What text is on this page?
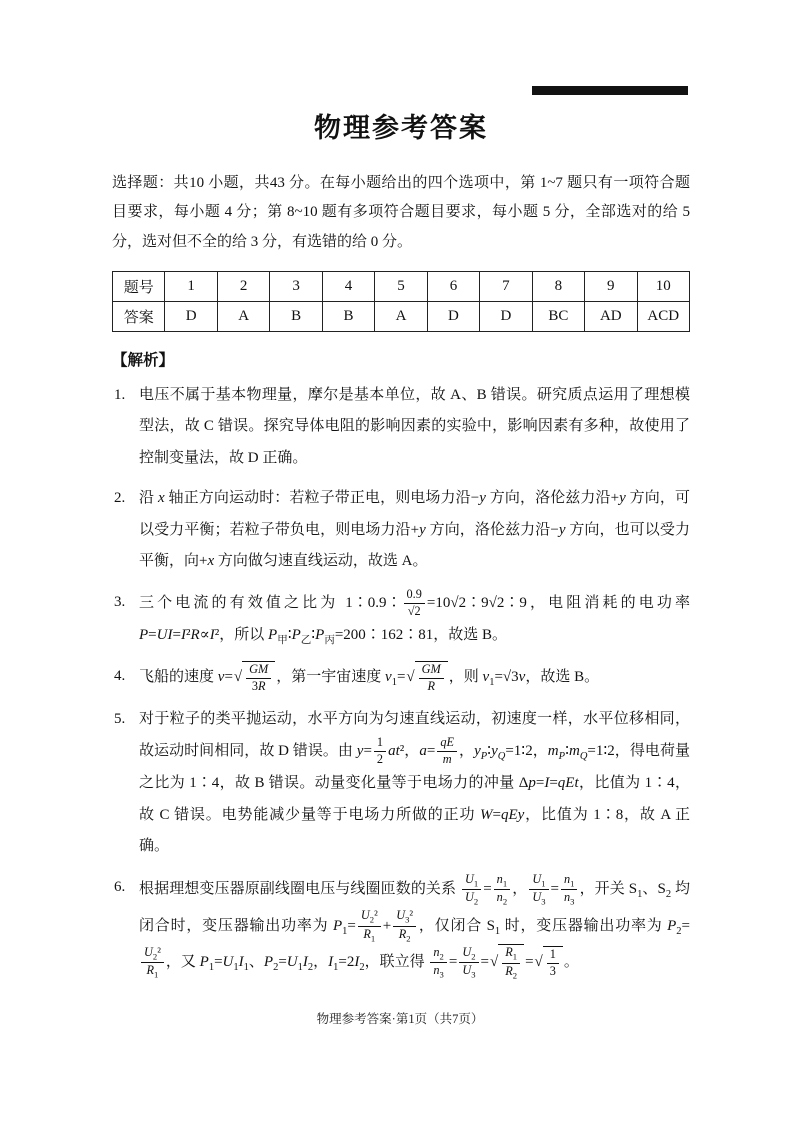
物理参考答案

选择题：共10 小题，共43 分。在每小题给出的四个选项中，第 1~7 题只有一项符合题目要求，每小题 4 分；第 8~10 题有多项符合题目要求，每小题 5 分，全部选对的给 5 分，选对但不全的给 3 分，有选错的给 0 分。

题号	1	2	3	4	5	6	7	8	9	10
答案	D	A	B	B	A	D	D	BC	AD	ACD
【解析】
1. 电压不属于基本物理量，摩尔是基本单位，故 A、B 错误。研究质点运用了理想模型法，故 C 错误。探究导体电阻的影响因素的实验中，影响因素有多种，故使用了控制变量法，故 D 正确。
2. 沿 x 轴正方向运动时：若粒子带正电，则电场力沿−y 方向，洛伦兹力沿+y 方向，可以受力平衡；若粒子带负电，则电场力沿+y 方向，洛伦兹力沿−y 方向，也可以受力平衡，向+x 方向做匀速直线运动，故选 A。
3. 三个电流的有效值之比为 1∶0.9∶ $\frac{0.9}{√2}$ =10√2∶9√2∶9，电阻消耗的电功率 P=UI=I²R∝I²，所以 $P_甲∶P_乙∶P_丙=200∶162∶81$，故选 B。
4. 飞船的速度 v=√
GM
3R
，第一宇宙速度 $v_1=√$
GM
R
，则 $v_1=√3v$，故选 B。
5. 对于粒子的类平抛运动，水平方向为匀速直线运动，初速度一样，水平位移相同，故运动时间相同，故 D 错误。由 $y= \frac{1}{2} at^2$，$a= \frac{qE}{m}$ ，$y_P∶y_Q=1∶2$，$m_P∶m_Q=1∶2$，得电荷量之比为 1∶4，故 B 错误。动量变化量等于电场力的冲量 Δp=I=qEt，比值为 1∶4，故 C 错误。电势能减少量等于电场力所做的正功 W=qEy，比值为 1∶8，故 A 正确。
6. 根据理想变压器原副线圈电压与线圈匝数的关系 $\frac{U_1}{U_2} = \frac{n_1}{n_2}$ ， $\frac{U_1}{U_3} = \frac{n_1}{n_3}$ ，开关 $S_1$、$S_2$ 均闭合时，变压器输出功率为 $P_1= \frac{U_2^2}{R_1} + \frac{U_3^2}{R_2}$ ，仅闭合 $S_1$ 时，变压器输出功率为 $P_2=$
$\frac{U_2^2}{R_1}$ ，又 $P_1=U_1I_1$、$P_2=U_1I_2$，$I_1=2I_2$，联立得 $\frac{n_2}{n_3} = \frac{U_2}{U_3}$ =√
$R_1$
$R_2$
=√
1
3
。
物理参考答案·第1页（共7页）
